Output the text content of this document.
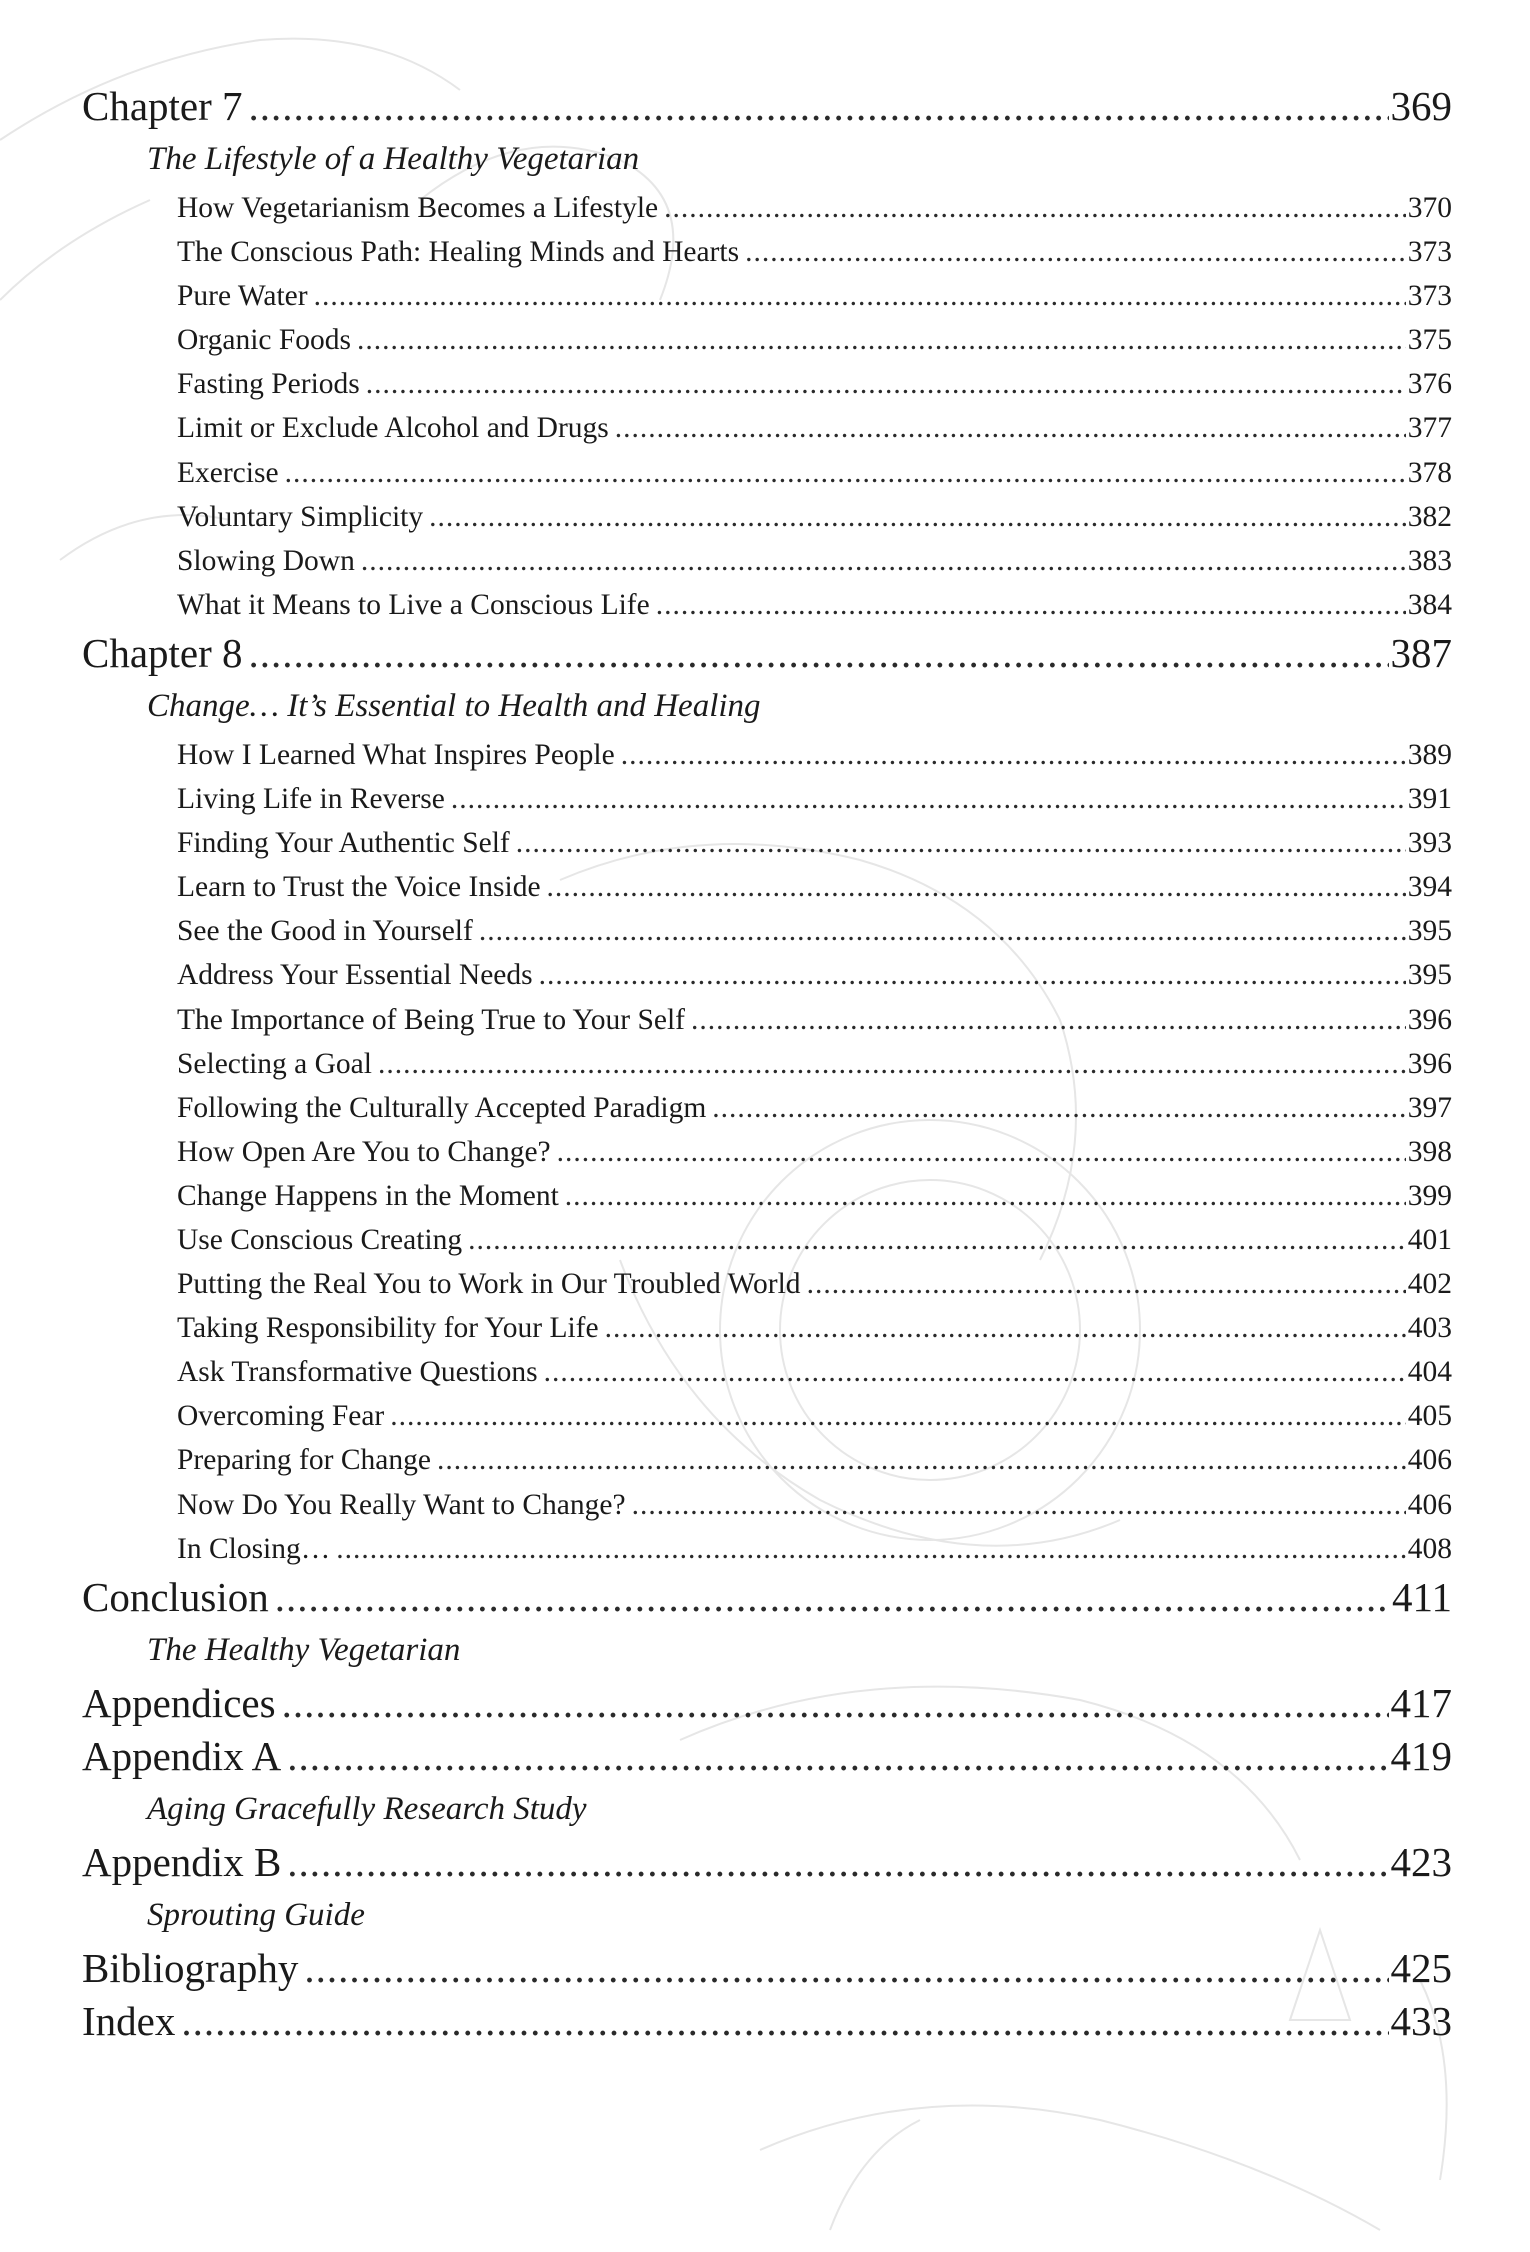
Chapter 7 .....	369
The Lifestyle of a Healthy Vegetarian
How Vegetarianism Becomes a Lifestyle .....	370
The Conscious Path: Healing Minds and Hearts .....	373
Pure Water .....	373
Organic Foods .....	375
Fasting Periods .....	376
Limit or Exclude Alcohol and Drugs .....	377
Exercise .....	378
Voluntary Simplicity .....	382
Slowing Down .....	383
What it Means to Live a Conscious Life .....	384
Chapter 8 .....	387
Change… It’s Essential to Health and Healing
How I Learned What Inspires People .....	389
Living Life in Reverse .....	391
Finding Your Authentic Self .....	393
Learn to Trust the Voice Inside .....	394
See the Good in Yourself .....	395
Address Your Essential Needs .....	395
The Importance of Being True to Your Self .....	396
Selecting a Goal .....	396
Following the Culturally Accepted Paradigm .....	397
How Open Are You to Change? .....	398
Change Happens in the Moment .....	399
Use Conscious Creating .....	401
Putting the Real You to Work in Our Troubled World .....	402
Taking Responsibility for Your Life .....	403
Ask Transformative Questions .....	404
Overcoming Fear .....	405
Preparing for Change .....	406
Now Do You Really Want to Change? .....	406
In Closing… .....	408
Conclusion .....	411
The Healthy Vegetarian
Appendices .....	417
Appendix A .....	419
Aging Gracefully Research Study
Appendix B .....	423
Sprouting Guide
Bibliography .....	425
Index .....	433
